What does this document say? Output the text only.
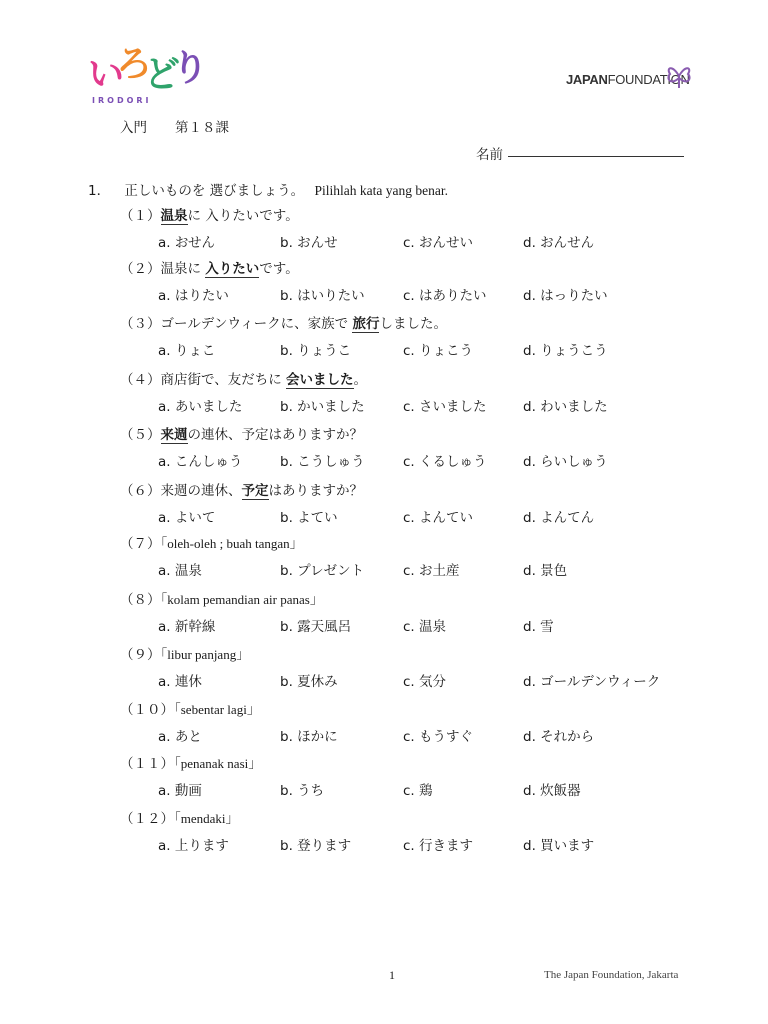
い
ろ
ど
り
IRODORI
JAPANFOUNDATION
入門 第１８課
名前
1． 正しいものを 選びましょう。 Pilihlah kata yang benar.
（１）温泉に 入りたいです。
a. おせん	b. おんせ	c. おんせい	d. おんせん
（２）温泉に 入りたいです。
a. はりたい	b. はいりたい	c. はありたい	d. はっりたい
（３）ゴールデンウィークに、家族で 旅行しました。
a. りょこ	b. りょうこ	c. りょこう	d. りょうこう
（４）商店街で、友だちに 会いました。
a. あいました	b. かいました	c. さいました	d. わいました
（５）来週の連休、予定はありますか？
a. こんしゅう	b. こうしゅう	c. くるしゅう	d. らいしゅう
（６）来週の連休、予定はありますか？
a. よいて	b. よてい	c. よんてい	d. よんてん
（７）「oleh-oleh ; buah tangan」
a. 温泉	b. プレゼント	c. お土産	d. 景色
（８）「kolam pemandian air panas」
a. 新幹線	b. 露天風呂	c. 温泉	d. 雪
（９）「libur panjang」
a. 連休	b. 夏休み	c. 気分	d. ゴールデンウィーク
（１０）「sebentar lagi」
a. あと	b. ほかに	c. もうすぐ	d. それから
（１１）「penanak nasi」
a. 動画	b. うち	c. 鶏	d. 炊飯器
（１２）「mendaki」
a. 上ります	b. 登ります	c. 行きます	d. 買います
1	The Japan Foundation, Jakarta
